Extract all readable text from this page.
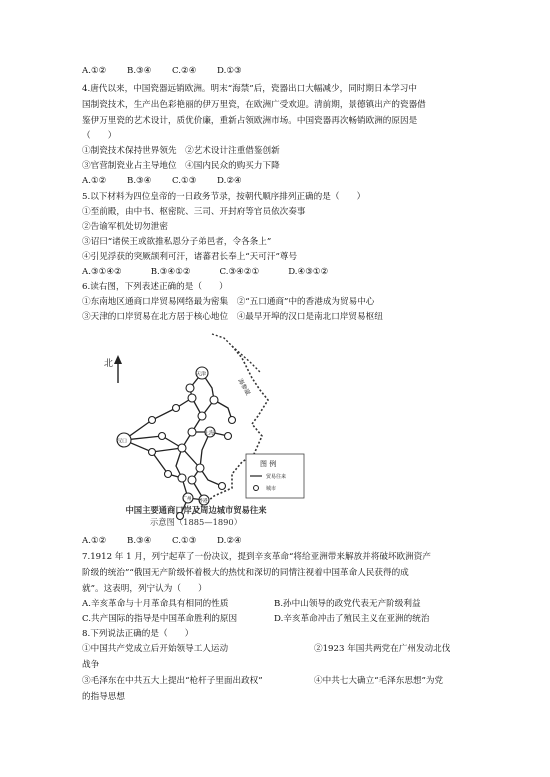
A.①②	B.③④	C.②④	D.①③
4.唐代以来，中国瓷器远销欧洲。明末“海禁”后，瓷器出口大幅减少，同时期日本学习中
国制瓷技术，生产出色彩艳丽的伊万里瓷，在欧洲广受欢迎。清前期，景德镇出产的瓷器借
鉴伊万里瓷的艺术设计，质优价廉，重新占领欧洲市场。中国瓷器再次畅销欧洲的原因是
（　　）
①制瓷技术保持世界领先　②艺术设计注重借鉴创新
③官营制瓷业占主导地位　④国内民众的购买力下降
A.①②	B.③④	C.①③	D.②④
5.以下材料为四位皇帝的一日政务节录，按朝代顺序排列正确的是（　　）
①至前殿，由中书、枢密院、三司、开封府等官员依次奏事
②告谕军机处切勿泄密
③诏曰“诸侯王或欲推私恩分子弟邑者，令各条上”
④引见浮获的突厥颉利可汗，诸蕃君长奉上“天可汗”尊号
A.③①④②	B.③④①②	C.③④②①	D.④③①②
6.读右图，下列表述正确的是（　　）
①东南地区通商口岸贸易网络最为密集　②“五口通商”中的香港成为贸易中心
③天津的口岸贸易在北方居于核心地位　④最早开埠的汉口是南北口岸贸易枢纽
北
海参崴
天津
汉口
上海
广州 香港
图 例
贸易往来
城市
中国主要通商口岸及周边城市贸易往来
示意图（1885—1890）
A.①②	B.③④	C.①③	D.②④
7.1912 年 1 月，列宁起草了一份决议，提到辛亥革命“将给亚洲带来解放并将破坏欧洲资产
阶级的统治”“俄国无产阶级怀着极大的热忱和深切的同情注视着中国革命人民获得的成
就”。这表明，列宁认为（　　）
A.辛亥革命与十月革命具有相同的性质	B.孙中山领导的政党代表无产阶级利益
C.共产国际的指导是中国革命胜利的原因	D.辛亥革命冲击了殖民主义在亚洲的统治
8.下列说法正确的是（　　）
①中国共产党成立后开始领导工人运动	②1923 年国共两党在广州发动北伐
战争
③毛泽东在中共五大上提出“枪杆子里面出政权”	④中共七大确立“毛泽东思想”为党
的指导思想
